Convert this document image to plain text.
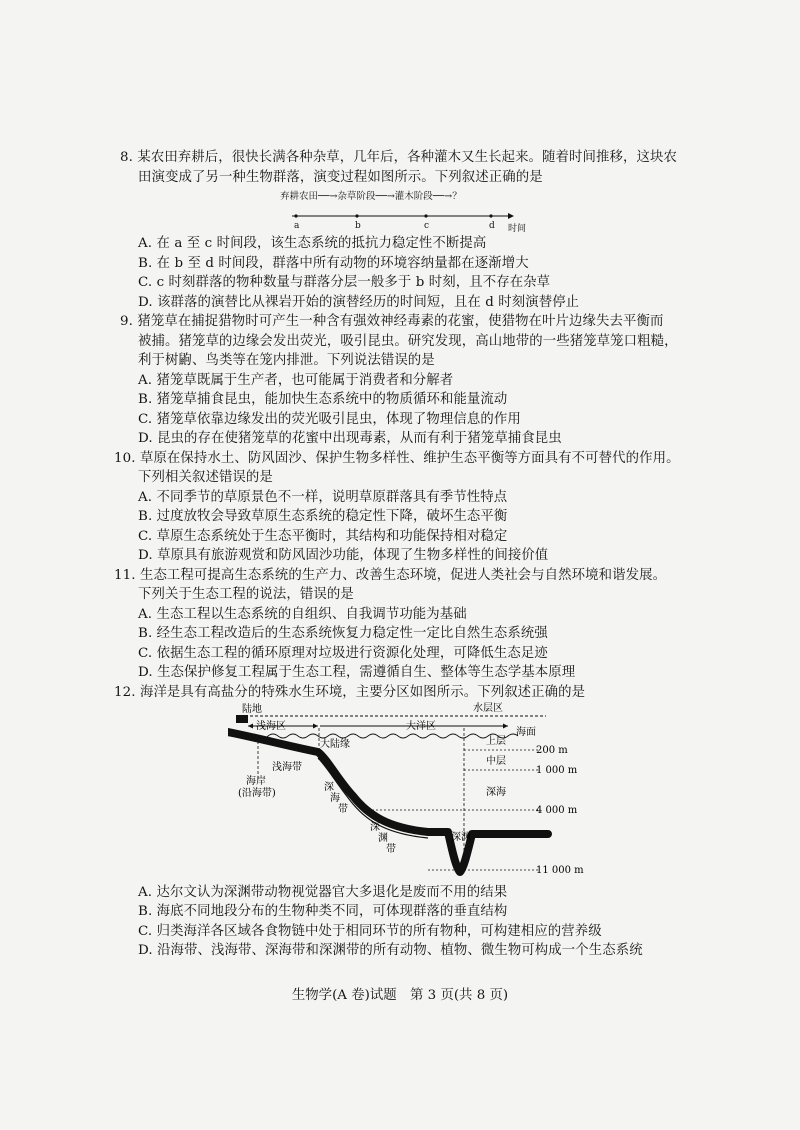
8. 某农田弃耕后，很快长满各种杂草，几年后，各种灌木又生长起来。随着时间推移，这块农
田演变成了另一种生物群落，演变过程如图所示。下列叙述正确的是
弃耕农田──→杂草阶段──→灌木阶段──→？
a	b	c	d 时间
A. 在 a 至 c 时间段，该生态系统的抵抗力稳定性不断提高
B. 在 b 至 d 时间段，群落中所有动物的环境容纳量都在逐渐增大
C. c 时刻群落的物种数量与群落分层一般多于 b 时刻，且不存在杂草
D. 该群落的演替比从裸岩开始的演替经历的时间短，且在 d 时刻演替停止
9. 猪笼草在捕捉猎物时可产生一种含有强效神经毒素的花蜜，使猎物在叶片边缘失去平衡而
被捕。猪笼草的边缘会发出荧光，吸引昆虫。研究发现，高山地带的一些猪笼草笼口粗糙，
利于树鼩、鸟类等在笼内排泄。下列说法错误的是
A. 猪笼草既属于生产者，也可能属于消费者和分解者
B. 猪笼草捕食昆虫，能加快生态系统中的物质循环和能量流动
C. 猪笼草依靠边缘发出的荧光吸引昆虫，体现了物理信息的作用
D. 昆虫的存在使猪笼草的花蜜中出现毒素，从而有利于猪笼草捕食昆虫
10. 草原在保持水土、防风固沙、保护生物多样性、维护生态平衡等方面具有不可替代的作用。
下列相关叙述错误的是
A. 不同季节的草原景色不一样，说明草原群落具有季节性特点
B. 过度放牧会导致草原生态系统的稳定性下降，破坏生态平衡
C. 草原生态系统处于生态平衡时，其结构和功能保持相对稳定
D. 草原具有旅游观赏和防风固沙功能，体现了生物多样性的间接价值
11. 生态工程可提高生态系统的生产力、改善生态环境，促进人类社会与自然环境和谐发展。
下列关于生态工程的说法，错误的是
A. 生态工程以生态系统的自组织、自我调节功能为基础
B. 经生态工程改造后的生态系统恢复力稳定性一定比自然生态系统强
C. 依据生态工程的循环原理对垃圾进行资源化处理，可降低生态足迹
D. 生态保护修复工程属于生态工程，需遵循自生、整体等生态学基本原理
12. 海洋是具有高盐分的特殊水生环境，主要分区如图所示。下列叙述正确的是
陆地	水层区
浅海区	大洋区
海面
200 m
1 000 m
4 000 m
11 000 m
大陆缘	上层
中层
深海
浅海带
海岸
(沿海带)
深
海
带
深
渊
带
深渊
A. 达尔文认为深渊带动物视觉器官大多退化是废而不用的结果
B. 海底不同地段分布的生物种类不同，可体现群落的垂直结构
C. 归类海洋各区域各食物链中处于相同环节的所有物种，可构建相应的营养级
D. 沿海带、浅海带、深海带和深渊带的所有动物、植物、微生物可构成一个生态系统
生物学(A 卷)试题　第 3 页(共 8 页)
